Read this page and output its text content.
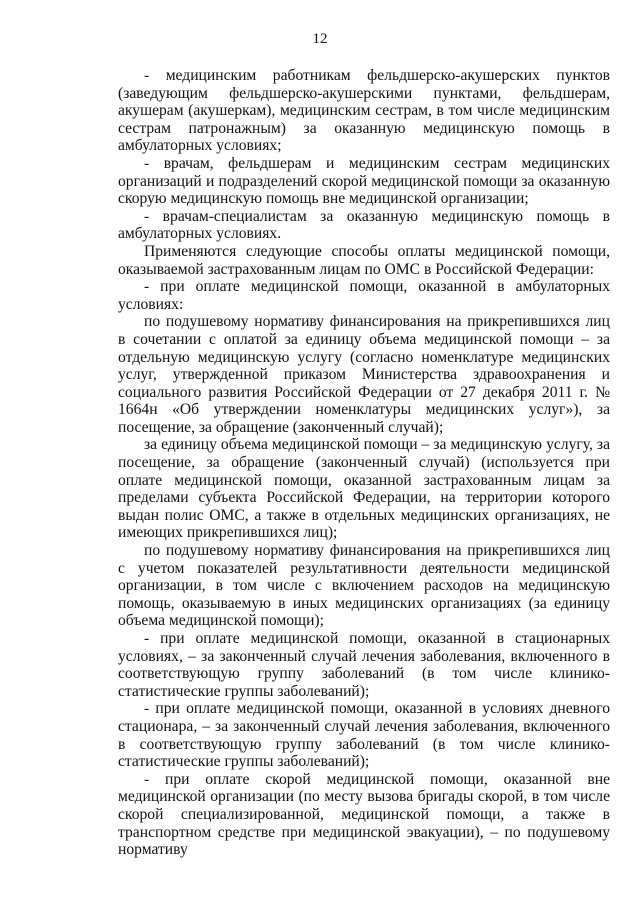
12

- медицинским работникам фельдшерско-акушерских пунктов (заведующим фельдшерско-акушерскими пунктами, фельдшерам, акушерам (акушеркам), медицинским сестрам, в том числе медицинским сестрам патронажным) за оказанную медицинскую помощь в амбулаторных условиях;

- врачам, фельдшерам и медицинским сестрам медицинских организаций и подразделений скорой медицинской помощи за оказанную скорую медицинскую помощь вне медицинской организации;

- врачам-специалистам за оказанную медицинскую помощь в амбулаторных условиях.

Применяются следующие способы оплаты медицинской помощи, оказываемой застрахованным лицам по ОМС в Российской Федерации:

- при оплате медицинской помощи, оказанной в амбулаторных условиях:

по подушевому нормативу финансирования на прикрепившихся лиц в сочетании с оплатой за единицу объема медицинской помощи – за отдельную медицинскую услугу (согласно номенклатуре медицинских услуг, утвержденной приказом Министерства здравоохранения и социального развития Российской Федерации от 27 декабря 2011 г. № 1664н «Об утверждении номенклатуры медицинских услуг»), за посещение, за обращение (законченный случай);

за единицу объема медицинской помощи – за медицинскую услугу, за посещение, за обращение (законченный случай) (используется при оплате медицинской помощи, оказанной застрахованным лицам за пределами субъекта Российской Федерации, на территории которого выдан полис ОМС, а также в отдельных медицинских организациях, не имеющих прикрепившихся лиц);

по подушевому нормативу финансирования на прикрепившихся лиц с учетом показателей результативности деятельности медицинской организации, в том числе с включением расходов на медицинскую помощь, оказываемую в иных медицинских организациях (за единицу объема медицинской помощи);

- при оплате медицинской помощи, оказанной в стационарных условиях, – за законченный случай лечения заболевания, включенного в соответствующую группу заболеваний (в том числе клинико-статистические группы заболеваний);

- при оплате медицинской помощи, оказанной в условиях дневного стационара, – за законченный случай лечения заболевания, включенного в соответствующую группу заболеваний (в том числе клинико-статистические группы заболеваний);

- при оплате скорой медицинской помощи, оказанной вне медицинской организации (по месту вызова бригады скорой, в том числе скорой специализированной, медицинской помощи, а также в транспортном средстве при медицинской эвакуации), – по подушевому нормативу
